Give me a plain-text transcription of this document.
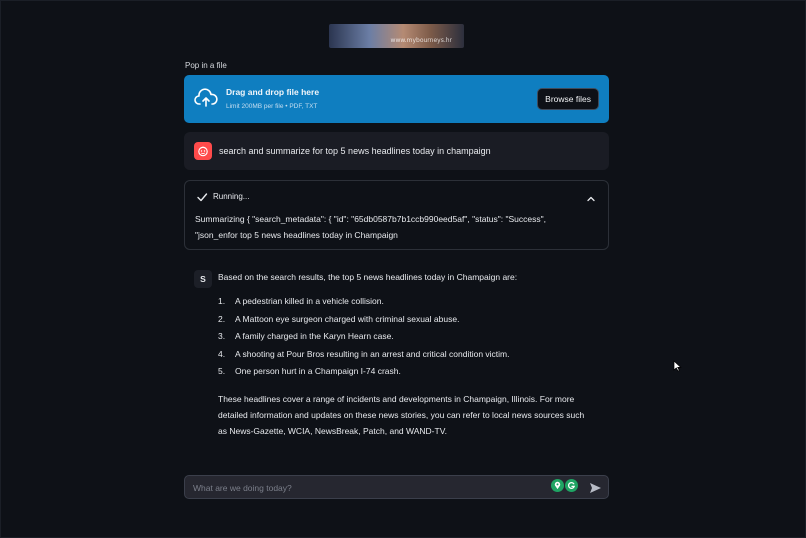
www.mybourneys.hr
Pop in a file
Drag and drop file here
Limit 200MB per file • PDF, TXT
Browse files
search and summarize for top 5 news headlines today in champaign
Running...
Summarizing { "search_metadata": { "id": "65db0587b7b1ccb990eed5af", "status": "Success",
"json_enfor top 5 news headlines today in Champaign
S	Based on the search results, the top 5 news headlines today in Champaign are:
1.	A pedestrian killed in a vehicle collision.
2.	A Mattoon eye surgeon charged with criminal sexual abuse.
3.	A family charged in the Karyn Hearn case.
4.	A shooting at Pour Bros resulting in an arrest and critical condition victim.
5.	One person hurt in a Champaign I-74 crash.
These headlines cover a range of incidents and developments in Champaign, Illinois. For more
detailed information and updates on these news stories, you can refer to local news sources such
as News-Gazette, WCIA, NewsBreak, Patch, and WAND-TV.
What are we doing today?
